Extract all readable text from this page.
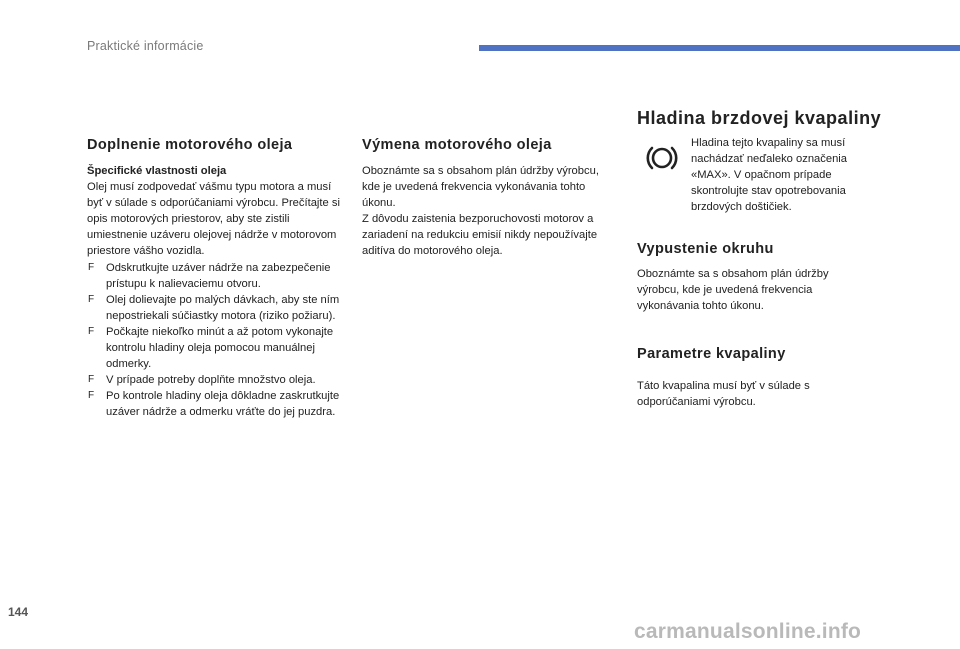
Praktické informácie
Doplnenie motorového oleja
Špecifické vlastnosti oleja

Olej musí zodpovedať vášmu typu motora a musí byť v súlade s odporúčaniami výrobcu. Prečítajte si opis motorových priestorov, aby ste zistili umiestnenie uzáveru olejovej nádrže v motorovom priestore vášho vozidla.

F Odskrutkujte uzáver nádrže na zabezpečenie prístupu k nalievaciemu otvoru.
F Olej dolievajte po malých dávkach, aby ste ním nepostriekali súčiastky motora (riziko požiaru).
F Počkajte niekoľko minút a až potom vykonajte kontrolu hladiny oleja pomocou manuálnej odmerky.
F V prípade potreby doplňte množstvo oleja.
F Po kontrole hladiny oleja dôkladne zaskrutkujte uzáver nádrže a odmerku vráťte do jej puzdra.
Výmena motorového oleja

Oboznámte sa s obsahom plán údržby výrobcu, kde je uvedená frekvencia vykonávania tohto úkonu.

Z dôvodu zaistenia bezporuchovosti motorov a zariadení na redukciu emisií nikdy nepoužívajte aditíva do motorového oleja.

Hladina brzdovej kvapaliny
Hladina tejto kvapaliny sa musí nachádzať neďaleko označenia «MAX». V opačnom prípade skontrolujte stav opotrebovania brzdových doštičiek.
Vypustenie okruhu
Oboznámte sa s obsahom plán údržby výrobcu, kde je uvedená frekvencia vykonávania tohto úkonu.
Parametre kvapaliny
Táto kvapalina musí byť v súlade s odporúčaniami výrobcu.
144
carmanualsonline.info
